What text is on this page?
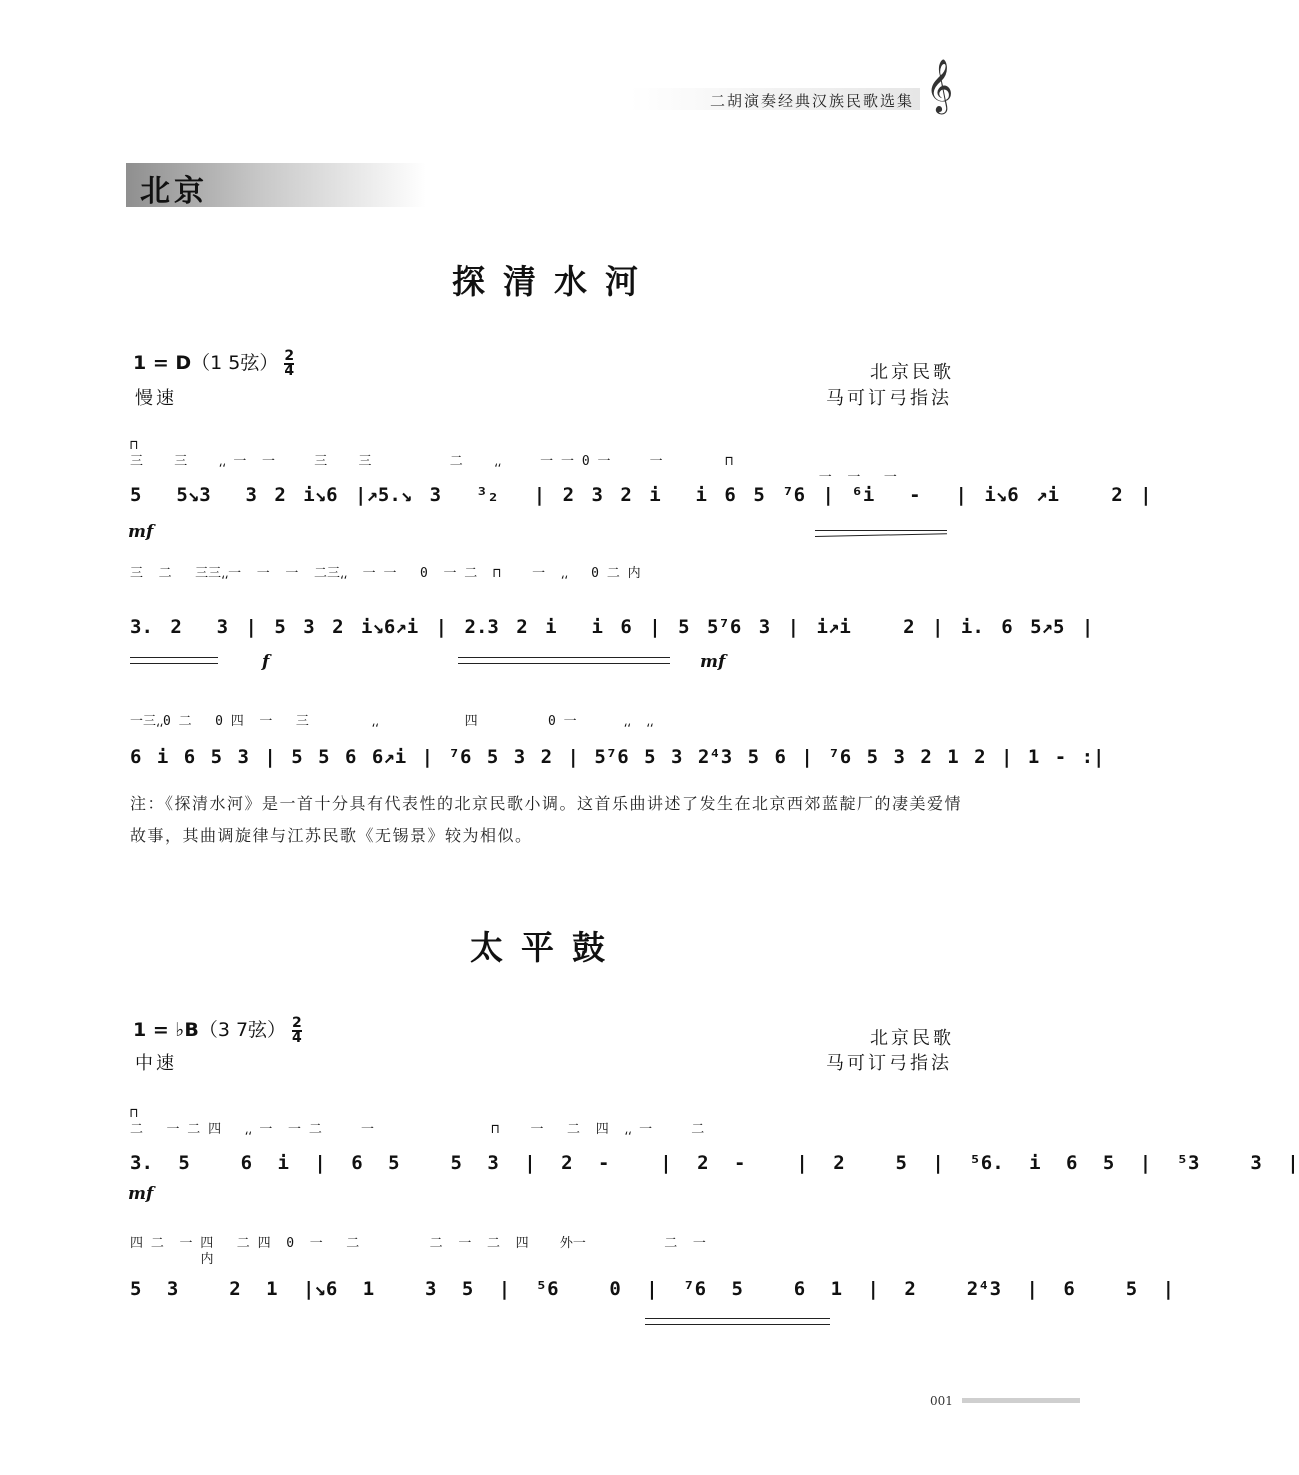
二胡演奏经典汉族民歌选集 𝄞
北京
探清水河
1 = D（1 5弦） $\frac{2}{4}$
慢速
北京民歌
马可订弓指法
⊓
三    三    ⸲⸲ 一  一     三    三          二    ⸲⸲     一 一 0 一     一        ⊓
一  一   一
5  5↘3  3 2 i↘6 |↗5.↘ 3  ³₂  | 2 3 2 i  i 6 5 ⁷6 | ⁶i  -  | i↘6 ↗i   2 |
mf
三  二   三三⸲⸲一  一  一  二三⸲⸲  一 一   0  一 二  ⊓    一  ⸲⸲   0 二 内
3. 2  3 | 5 3 2 i↘6↗i | 2.3 2 i  i 6 | 5 5⁷6 3 | i↗i   2 | i. 6 5↗5 |
f	mf
一三⸲⸲0 二   0 四  一   三        ⸲⸲           四         0 一      ⸲⸲  ⸲⸲
6 i 6 5 3 | 5 5 6 6↗i | ⁷6 5 3 2 | 5⁷6 5 3 2⁴3 5 6 | ⁷6 5 3 2 1 2 | 1 - :|
注：《探清水河》是一首十分具有代表性的北京民歌小调。这首乐曲讲述了发生在北京西郊蓝靛厂的凄美爱情故事，其曲调旋律与江苏民歌《无锡景》较为相似。
太平鼓
1 = ♭B（3 7弦） $\frac{2}{4}$
中速
北京民歌
马可订弓指法
⊓
二   一 二 四   ⸲⸲ 一  一 二     一               ⊓    一   二  四  ⸲⸲ 一     二
3. 5  6 i | 6 5  5 3 | 2 -  | 2 -  | 2  5 | ⁵6. i 6 5 | ⁵3  3 |
mf
四 二  一 四   二 四  0  一   二         二  一  二  四    外一          二  一
内
5 3  2 1 |↘6 1  3 5 | ⁵6  0 | ⁷6 5  6 1 | 2  2⁴3 | 6  5 |
001
